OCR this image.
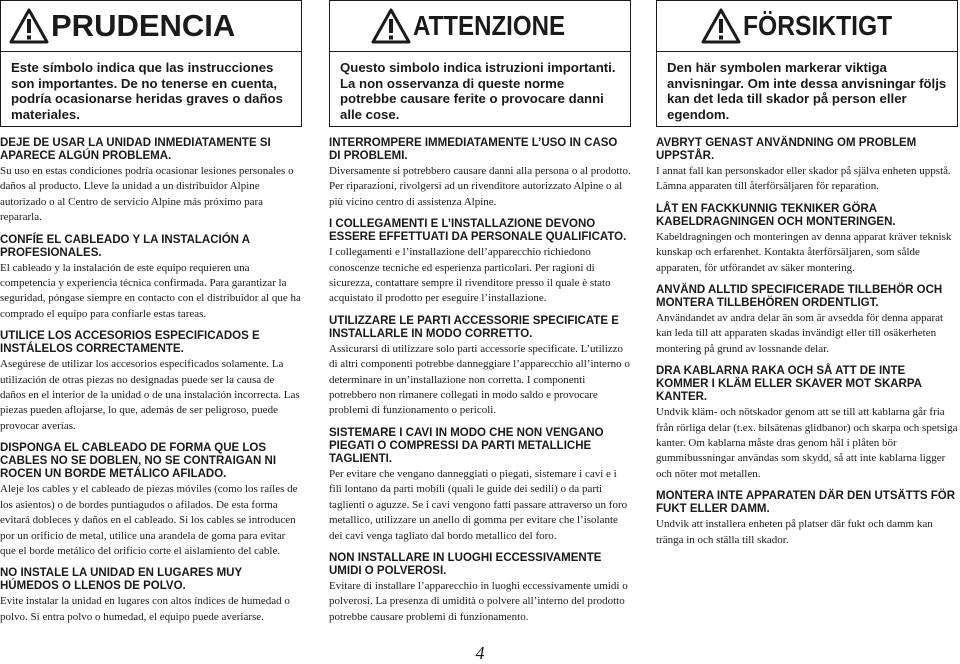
PRUDENCIA
Este símbolo indica que las instrucciones son importantes. De no tenerse en cuenta, podría ocasionarse heridas graves o daños materiales.
DEJE DE USAR LA UNIDAD INMEDIATAMENTE SI APARECE ALGÚN PROBLEMA.
Su uso en estas condiciones podría ocasionar lesiones personales o daños al producto. Lleve la unidad a un distribuidor Alpine autorizado o al Centro de servicio Alpine más próximo para repararla.
CONFÍE EL CABLEADO Y LA INSTALACIÓN A PROFESIONALES.
El cableado y la instalación de este equipo requieren una competencia y experiencia técnica confirmada. Para garantizar la seguridad, póngase siempre en contacto con el distribuidor al que ha comprado el equipo para confiarle estas tareas.
UTILICE LOS ACCESORIOS ESPECIFICADOS E INSTÁLELOS CORRECTAMENTE.
Asegúrese de utilizar los accesorios especificados solamente. La utilización de otras piezas no designadas puede ser la causa de daños en el interior de la unidad o de una instalación incorrecta. Las piezas pueden aflojarse, lo que, además de ser peligroso, puede provocar averías.
DISPONGA EL CABLEADO DE FORMA QUE LOS CABLES NO SE DOBLEN, NO SE CONTRAIGAN NI ROCEN UN BORDE METÁLICO AFILADO.
Aleje los cables y el cableado de piezas móviles (como los raíles de los asientos) o de bordes puntiagudos o afilados. De esta forma evitará dobleces y daños en el cableado. Si los cables se introducen por un orificio de metal, utilice una arandela de goma para evitar que el borde metálico del orificio corte el aislamiento del cable.
NO INSTALE LA UNIDAD EN LUGARES MUY HÚMEDOS O LLENOS DE POLVO.
Evite instalar la unidad en lugares con altos índices de humedad o polvo. Si entra polvo o humedad, el equipo puede averiarse.
ATTENZIONE
Questo simbolo indica istruzioni importanti. La non osservanza di queste norme potrebbe causare ferite o provocare danni alle cose.
INTERROMPERE IMMEDIATAMENTE L’USO IN CASO DI PROBLEMI.
Diversamente si potrebbero causare danni alla persona o al prodotto. Per riparazioni, rivolgersi ad un rivenditore autorizzato Alpine o al più vicino centro di assistenza Alpine.
I COLLEGAMENTI E L’INSTALLAZIONE DEVONO ESSERE EFFETTUATI DA PERSONALE QUALIFICATO.
I collegamenti e l’installazione dell’apparecchio richiedono conoscenze tecniche ed esperienza particolari. Per ragioni di sicurezza, contattare sempre il rivenditore presso il quale è stato acquistato il prodotto per eseguire l’installazione.
UTILIZZARE LE PARTI ACCESSORIE SPECIFICATE E INSTALLARLE IN MODO CORRETTO.
Assicurarsi di utilizzare solo parti accessorie specificate. L’utilizzo di altri componenti potrebbe danneggiare l’apparecchio all’interno o determinare in un’installazione non corretta. I componenti potrebbero non rimanere collegati in modo saldo e provocare problemi di funzionamento o pericoli.
SISTEMARE I CAVI IN MODO CHE NON VENGANO PIEGATI O COMPRESSI DA PARTI METALLICHE TAGLIENTI.
Per evitare che vengano danneggiati o piegati, sistemare i cavi e i fili lontano da parti mobili (quali le guide dei sedili) o da parti taglienti o aguzze. Se i cavi vengono fatti passare attraverso un foro metallico, utilizzare un anello di gomma per evitare che l’isolante dei cavi venga tagliato dal bordo metallico del foro.
NON INSTALLARE IN LUOGHI ECCESSIVAMENTE UMIDI O POLVEROSI.
Evitare di installare l’apparecchio in luoghi eccessivamente umidi o polverosi. La presenza di umidità o polvere all’interno del prodotto potrebbe causare problemi di funzionamento.
FÖRSIKTIGT
Den här symbolen markerar viktiga anvisningar. Om inte dessa anvisningar följs kan det leda till skador på person eller egendom.
AVBRYT GENAST ANVÄNDNING OM PROBLEM UPPSTÅR.
I annat fall kan personskador eller skador på själva enheten uppstå. Lämna apparaten till återförsäljaren för reparation.
LÅT EN FACKKUNNIG TEKNIKER GÖRA KABELDRAGNINGEN OCH MONTERINGEN.
Kabeldragningen och monteringen av denna apparat kräver teknisk kunskap och erfarenhet. Kontakta återförsäljaren, som sålde apparaten, för utförandet av säker montering.
ANVÄND ALLTID SPECIFICERADE TILLBEHÖR OCH MONTERA TILLBEHÖREN ORDENTLIGT.
Användandet av andra delar än som är avsedda för denna apparat kan leda till att apparaten skadas invändigt eller till osäkerheten montering på grund av lossnande delar.
DRA KABLARNA RAKA OCH SÅ ATT DE INTE KOMMER I KLÄM ELLER SKAVER MOT SKARPA KANTER.
Undvik kläm- och nötskador genom att se till att kablarna går fria från rörliga delar (t.ex. bilsätenas glidbanor) och skarpa och spetsiga kanter. Om kablarna måste dras genom hål i plåten bör gummibussningar användas som skydd, så att inte kablarna ligger och nöter mot metallen.
MONTERA INTE APPARATEN DÄR DEN UTSÄTTS FÖR FUKT ELLER DAMM.
Undvik att installera enheten på platser där fukt och damm kan tränga in och ställa till skador.
4
